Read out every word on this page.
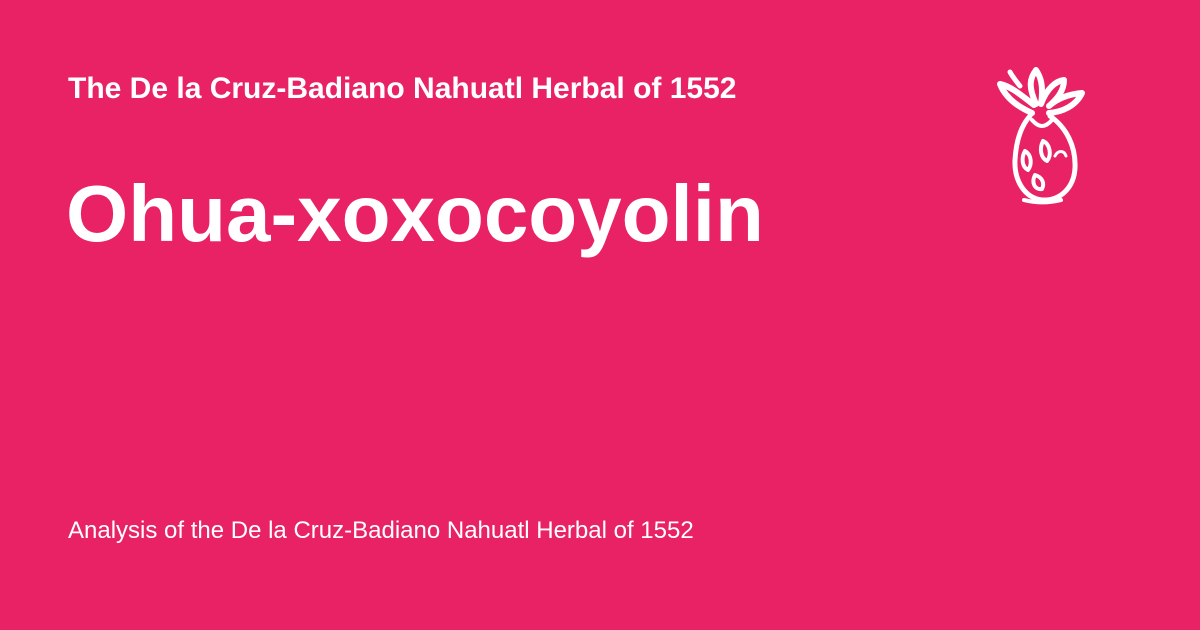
The De la Cruz-Badiano Nahuatl Herbal of 1552
Ohua-xoxocoyolin
Analysis of the De la Cruz-Badiano Nahuatl Herbal of 1552
